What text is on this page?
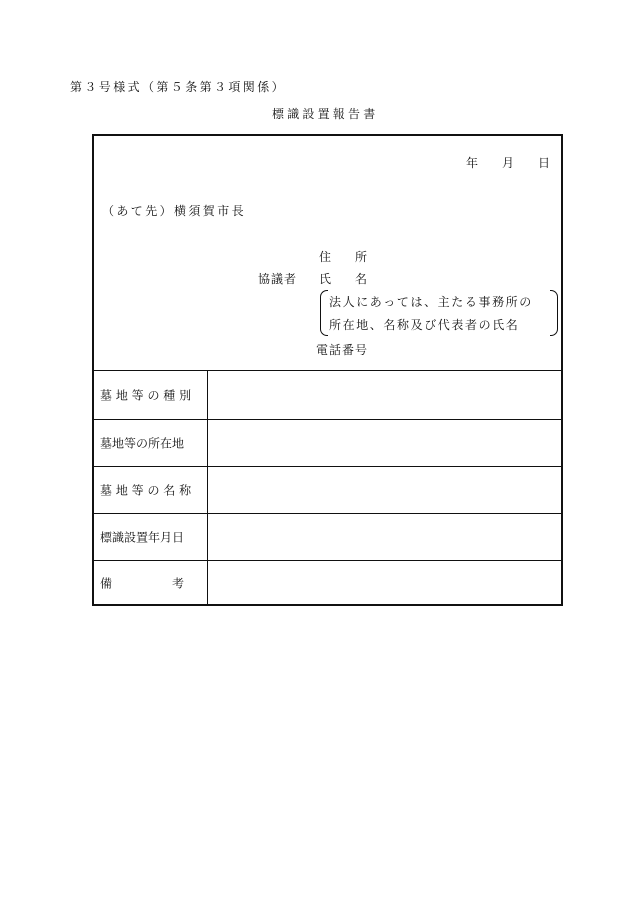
第３号様式（第５条第３項関係）
標識設置報告書
年 月 日
（あて先）横須賀市長
住　　所
協議者 氏　　名
法人にあっては、主たる事務所の
所在地、名称及び代表者の氏名
電話番号
墓 地 等 の 種 別
墓地等の所在地
墓 地 等 の 名 称
標識設置年月日
備　　　　　考
